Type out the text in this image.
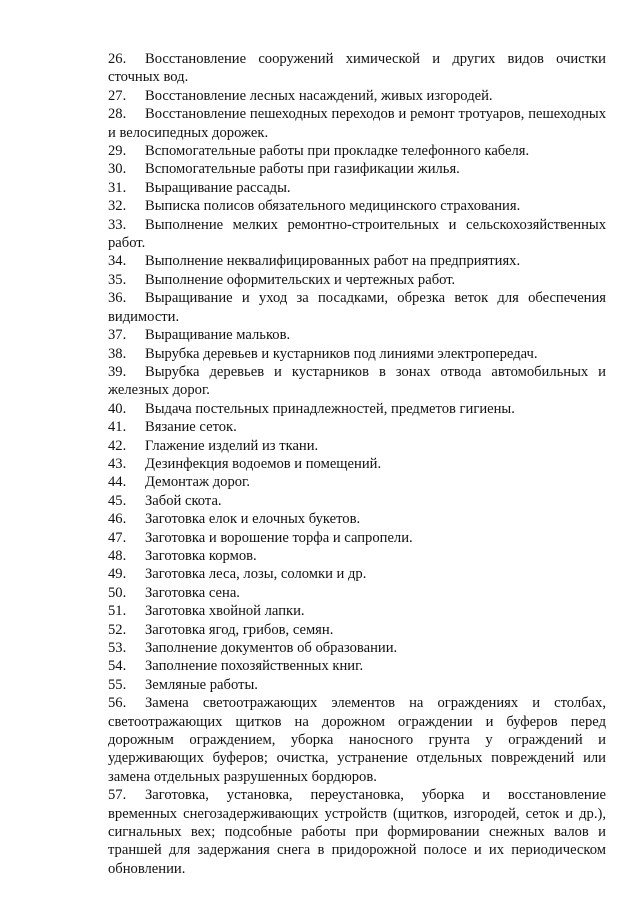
26. Восстановление сооружений химической и других видов очистки сточных вод.
27. Восстановление лесных насаждений, живых изгородей.
28. Восстановление пешеходных переходов и ремонт тротуаров, пешеходных и велосипедных дорожек.
29. Вспомогательные работы при прокладке телефонного кабеля.
30. Вспомогательные работы при газификации жилья.
31. Выращивание рассады.
32. Выписка полисов обязательного медицинского страхования.
33. Выполнение мелких ремонтно-строительных и сельскохозяйственных работ.
34. Выполнение неквалифицированных работ на предприятиях.
35. Выполнение оформительских и чертежных работ.
36. Выращивание и уход за посадками, обрезка веток для обеспечения видимости.
37. Выращивание мальков.
38. Вырубка деревьев и кустарников под линиями электропередач.
39. Вырубка деревьев и кустарников в зонах отвода автомобильных и железных дорог.
40. Выдача постельных принадлежностей, предметов гигиены.
41. Вязание сеток.
42. Глажение изделий из ткани.
43. Дезинфекция водоемов и помещений.
44. Демонтаж дорог.
45. Забой скота.
46. Заготовка елок и елочных букетов.
47. Заготовка и ворошение торфа и сапропели.
48. Заготовка кормов.
49. Заготовка леса, лозы, соломки и др.
50. Заготовка сена.
51. Заготовка хвойной лапки.
52. Заготовка ягод, грибов, семян.
53. Заполнение документов об образовании.
54. Заполнение похозяйственных книг.
55. Земляные работы.
56. Замена светоотражающих элементов на ограждениях и столбах, светоотражающих щитков на дорожном ограждении и буферов перед дорожным ограждением, уборка наносного грунта у ограждений и удерживающих буферов; очистка, устранение отдельных повреждений или замена отдельных разрушенных бордюров.
57. Заготовка, установка, переустановка, уборка и восстановление временных снегозадерживающих устройств (щитков, изгородей, сеток и др.), сигнальных вех; подсобные работы при формировании снежных валов и траншей для задержания снега в придорожной полосе и их периодическом обновлении.
